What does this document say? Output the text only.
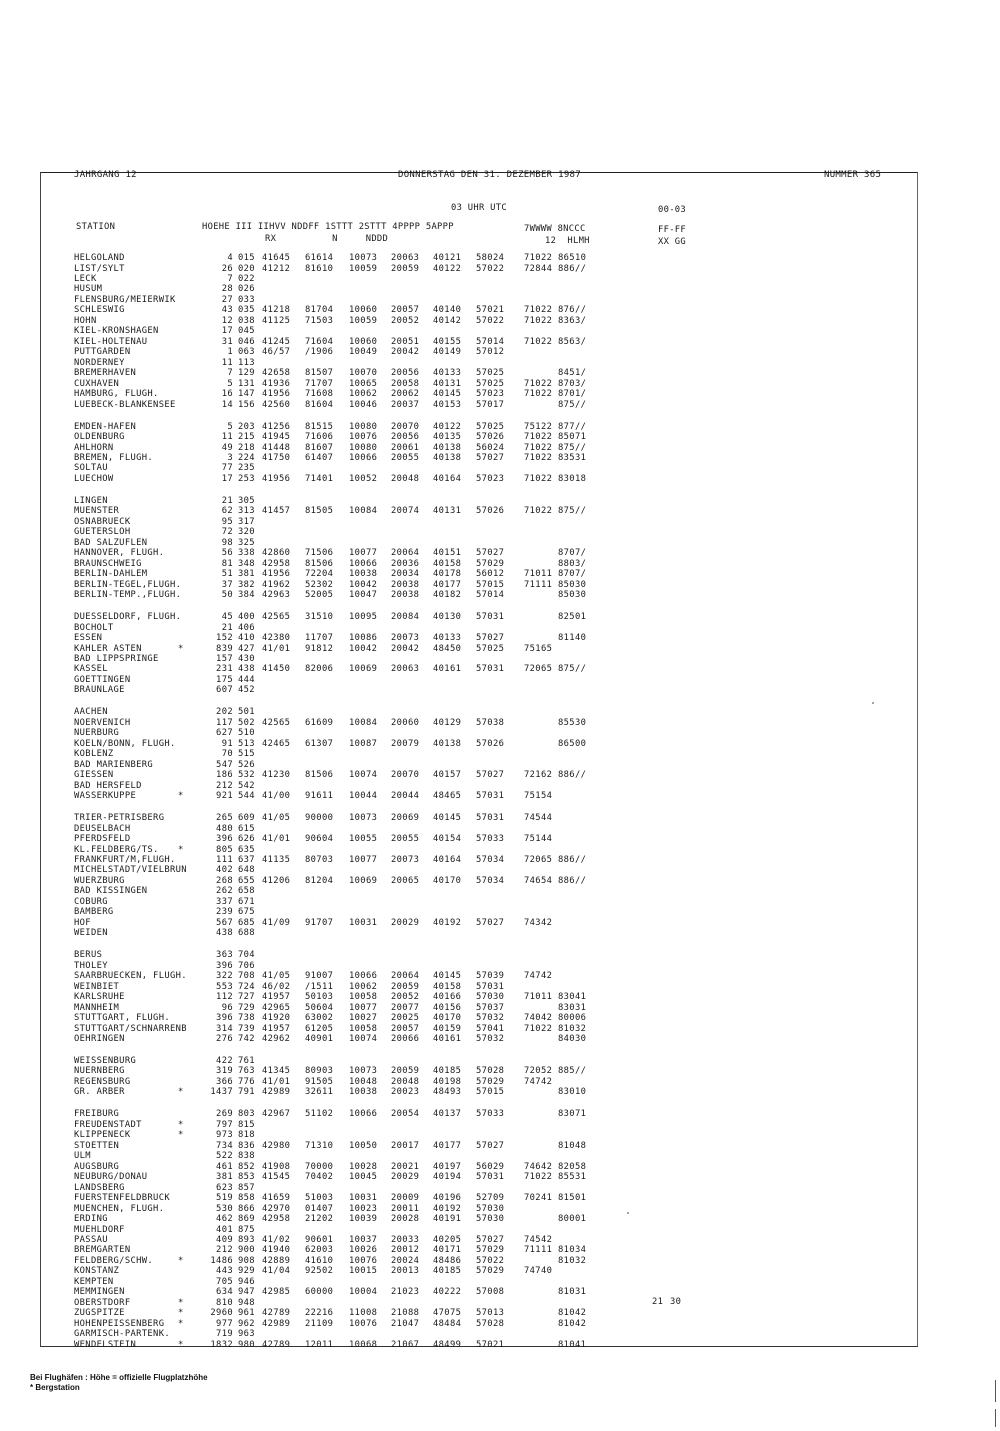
JAHRGANG 12	DONNERSTAG DEN 31. DEZEMBER 1987	NUMMER 365
03 UHR UTC	00-03
STATION	HOEHE III IIHVV NDDFF 1STTT 2STTT 4PPPP 5APPP
RX          N     NDDD
7WWWW 8NCCC
12  HLMH
FF-FF
XX GG
HELGOLAND	4 015 41645 61614 10073 20063 40121 58024 71022 86510
LIST/SYLT	26 020 41212 81610 10059 20059 40122 57022 72844 886//
LECK	7 022
HUSUM	28 026
FLENSBURG/MEIERWIK	27 033
SCHLESWIG	43 035 41218 81704 10060 20057 40140 57021 71022 876//
HOHN	12 038 41125 71503 10059 20052 40142 57022 71022 8363/
KIEL-KRONSHAGEN	17 045
KIEL-HOLTENAU	31 046 41245 71604 10060 20051 40155 57014 71022 8563/
PUTTGARDEN	1 063 46/57 /1906 10049 20042 40149 57012
NORDERNEY	11 113
BREMERHAVEN	7 129 42658 81507 10070 20056 40133 57025	8451/
CUXHAVEN	5 131 41936 71707 10065 20058 40131 57025 71022 8703/
HAMBURG, FLUGH.	16 147 41956 71608 10062 20062 40145 57023 71022 8701/
LUEBECK-BLANKENSEE	14 156 42560 81604 10046 20037 40153 57017	875//
EMDEN-HAFEN	5 203 41256 81515 10080 20070 40122 57025 75122 877//
OLDENBURG	11 215 41945 71606 10076 20056 40135 57026 71022 85071
AHLHORN	49 218 41448 81607 10080 20061 40138 56024 71022 875//
BREMEN, FLUGH.	3 224 41750 61407 10066 20055 40138 57027 71022 83531
SOLTAU	77 235
LUECHOW	17 253 41956 71401 10052 20048 40164 57023 71022 83018
LINGEN	21 305
MUENSTER	62 313 41457 81505 10084 20074 40131 57026 71022 875//
OSNABRUECK	95 317
GUETERSLOH	72 320
BAD SALZUFLEN	98 325
HANNOVER, FLUGH.	56 338 42860 71506 10077 20064 40151 57027	8707/
BRAUNSCHWEIG	81 348 42958 81506 10066 20036 40158 57029	8803/
BERLIN-DAHLEM	51 381 41956 72204 10038 20034 40178 56012 71011 8707/
BERLIN-TEGEL,FLUGH.	37 382 41962 52302 10042 20038 40177 57015 71111 85030
BERLIN-TEMP.,FLUGH.	50 384 42963 52005 10047 20038 40182 57014	85030
DUESSELDORF, FLUGH.	45 400 42565 31510 10095 20084 40130 57031	82501
BOCHOLT	21 406
ESSEN	152 410 42380 11707 10086 20073 40133 57027	81140
KAHLER ASTEN	*	839 427 41/01 91812 10042 20042 48450 57025 75165
BAD LIPPSPRINGE	157 430
KASSEL	231 438 41450 82006 10069 20063 40161 57031 72065 875//
GOETTINGEN	175 444
BRAUNLAGE	607 452
AACHEN	202 501
NOERVENICH	117 502 42565 61609 10084 20060 40129 57038	85530
NUERBURG	627 510
KOELN/BONN, FLUGH.	91 513 42465 61307 10087 20079 40138 57026	86500
KOBLENZ	70 515
BAD MARIENBERG	547 526
GIESSEN	186 532 41230 81506 10074 20070 40157 57027 72162 886//
BAD HERSFELD	212 542
WASSERKUPPE	*	921 544 41/00 91611 10044 20044 48465 57031 75154
TRIER-PETRISBERG	265 609 41/05 90000 10073 20069 40145 57031 74544
DEUSELBACH	480 615
PFERDSFELD	396 626 41/01 90604 10055 20055 40154 57033 75144
KL.FELDBERG/TS. *	805 635
FRANKFURT/M,FLUGH.	111 637 41135 80703 10077 20073 40164 57034 72065 886//
MICHELSTADT/VIELBRUN	402 648
WUERZBURG	268 655 41206 81204 10069 20065 40170 57034 74654 886//
BAD KISSINGEN	262 658
COBURG	337 671
BAMBERG	239 675
HOF	567 685 41/09 91707 10031 20029 40192 57027 74342
WEIDEN	438 688
BERUS	363 704
THOLEY	396 706
SAARBRUECKEN, FLUGH.	322 708 41/05 91007 10066 20064 40145 57039 74742
WEINBIET	553 724 46/02 /1511 10062 20059 40158 57031
KARLSRUHE	112 727 41957 50103 10058 20052 40166 57030 71011 83041
MANNHEIM	96 729 42965 50604 10077 20077 40156 57037	83031
STUTTGART, FLUGH.	396 738 41920 63002 10027 20025 40170 57032 74042 80006
STUTTGART/SCHNARRENB	314 739 41957 61205 10058 20057 40159 57041 71022 81032
OEHRINGEN	276 742 42962 40901 10074 20066 40161 57032	84030
WEISSENBURG	422 761
NUERNBERG	319 763 41345 80903 10073 20059 40185 57028 72052 885//
REGENSBURG	366 776 41/01 91505 10048 20048 40198 57029 74742
GR. ARBER	*	1437 791 42989 32611 10038 20023 48493 57015	83010
FREIBURG	269 803 42967 51102 10066 20054 40137 57033	83071
FREUDENSTADT	*	797 815
KLIPPENECK	*	973 818
STOETTEN	734 836 42980 71310 10050 20017 40177 57027	81048
ULM	522 838
AUGSBURG	461 852 41908 70000 10028 20021 40197 56029 74642 82058
NEUBURG/DONAU	381 853 41545 70402 10045 20029 40194 57031 71022 85531
LANDSBERG	623 857
FUERSTENFELDBRUCK	519 858 41659 51003 10031 20009 40196 52709 70241 81501
MUENCHEN, FLUGH.	530 866 42970 01407 10023 20011 40192 57030
ERDING	462 869 42958 21202 10039 20028 40191 57030	80001
MUEHLDORF	401 875
PASSAU	409 893 41/02 90601 10037 20033 40205 57027 74542
BREMGARTEN	212 900 41940 62003 10026 20012 40171 57029 71111 81034
FELDBERG/SCHW.	*	1486 908 42889 41610 10076 20024 48486 57022	81032
KONSTANZ	443 929 41/04 92502 10015 20013 40185 57029 74740
KEMPTEN	705 946
MEMMINGEN	634 947 42985 60000 10004 21023 40222 57008	81031
OBERSTDORF	*	810 948
ZUGSPITZE	*	2960 961 42789 22216 11008 21088 47075 57013	81042
HOHENPEISSENBERG *	977 962 42989 21109 10076 21047 48484 57028	81042
GARMISCH-PARTENK.	719 963
WENDELSTEIN	*	1832 980 42789 12011 10068 21067 48499 57021	81041
21 30
Bei Flughäfen : Höhe = offizielle Flugplatzhöhe
* Bergstation
